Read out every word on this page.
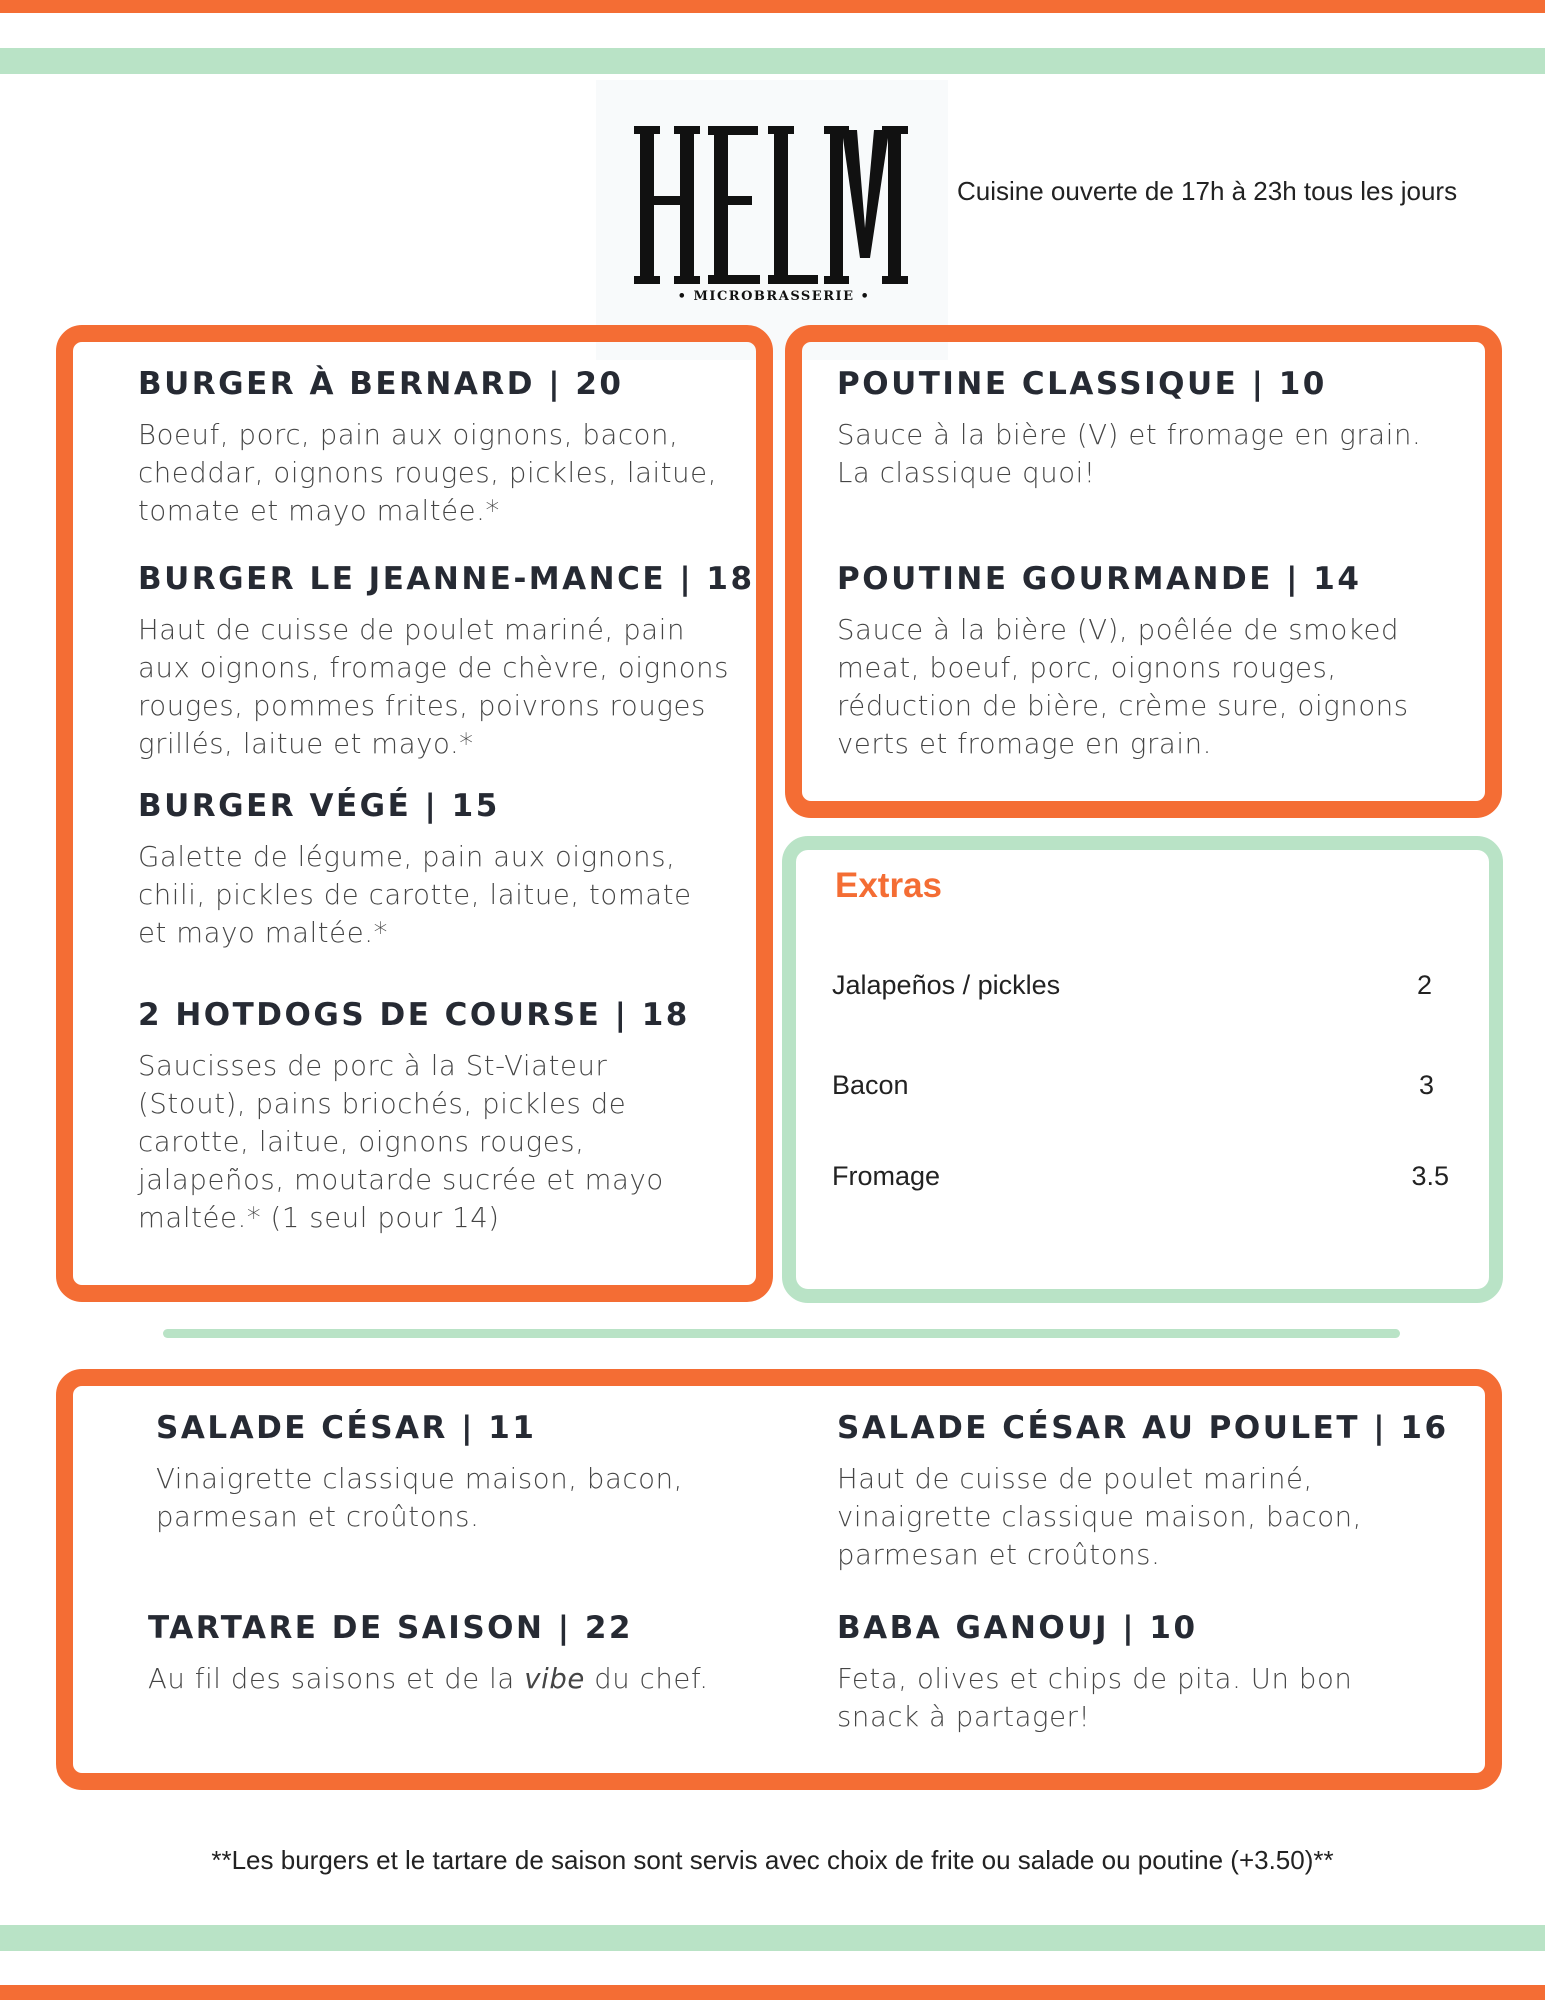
• MICROBRASSERIE •
Cuisine ouverte de 17h à 23h tous les jours
BURGER À BERNARD | 20

Boeuf, porc, pain aux oignons, bacon, cheddar, oignons rouges, pickles, laitue, tomate et mayo maltée.*

BURGER LE JEANNE-MANCE | 18

Haut de cuisse de poulet mariné, pain aux oignons, fromage de chèvre, oignons rouges, pommes frites, poivrons rouges grillés, laitue et mayo.*

BURGER VÉGÉ | 15

Galette de légume, pain aux oignons, chili, pickles de carotte, laitue, tomate et mayo maltée.*

2 HOTDOGS DE COURSE | 18

Saucisses de porc à la St-Viateur (Stout), pains briochés, pickles de carotte, laitue, oignons rouges, jalapeños, moutarde sucrée et mayo maltée.* (1 seul pour 14)

POUTINE CLASSIQUE | 10

Sauce à la bière (V) et fromage en grain. La classique quoi!

POUTINE GOURMANDE | 14

Sauce à la bière (V), poêlée de smoked meat, boeuf, porc, oignons rouges, réduction de bière, crème sure, oignons verts et fromage en grain.

Extras
Jalapeños / pickles	2
Bacon	3
Fromage	3.5
SALADE CÉSAR | 11

Vinaigrette classique maison, bacon, parmesan et croûtons.

SALADE CÉSAR AU POULET | 16

Haut de cuisse de poulet mariné, vinaigrette classique maison, bacon, parmesan et croûtons.

TARTARE DE SAISON | 22

Au fil des saisons et de la vibe du chef.

BABA GANOUJ | 10

Feta, olives et chips de pita. Un bon snack à partager!

**Les burgers et le tartare de saison sont servis avec choix de frite ou salade ou poutine (+3.50)**
